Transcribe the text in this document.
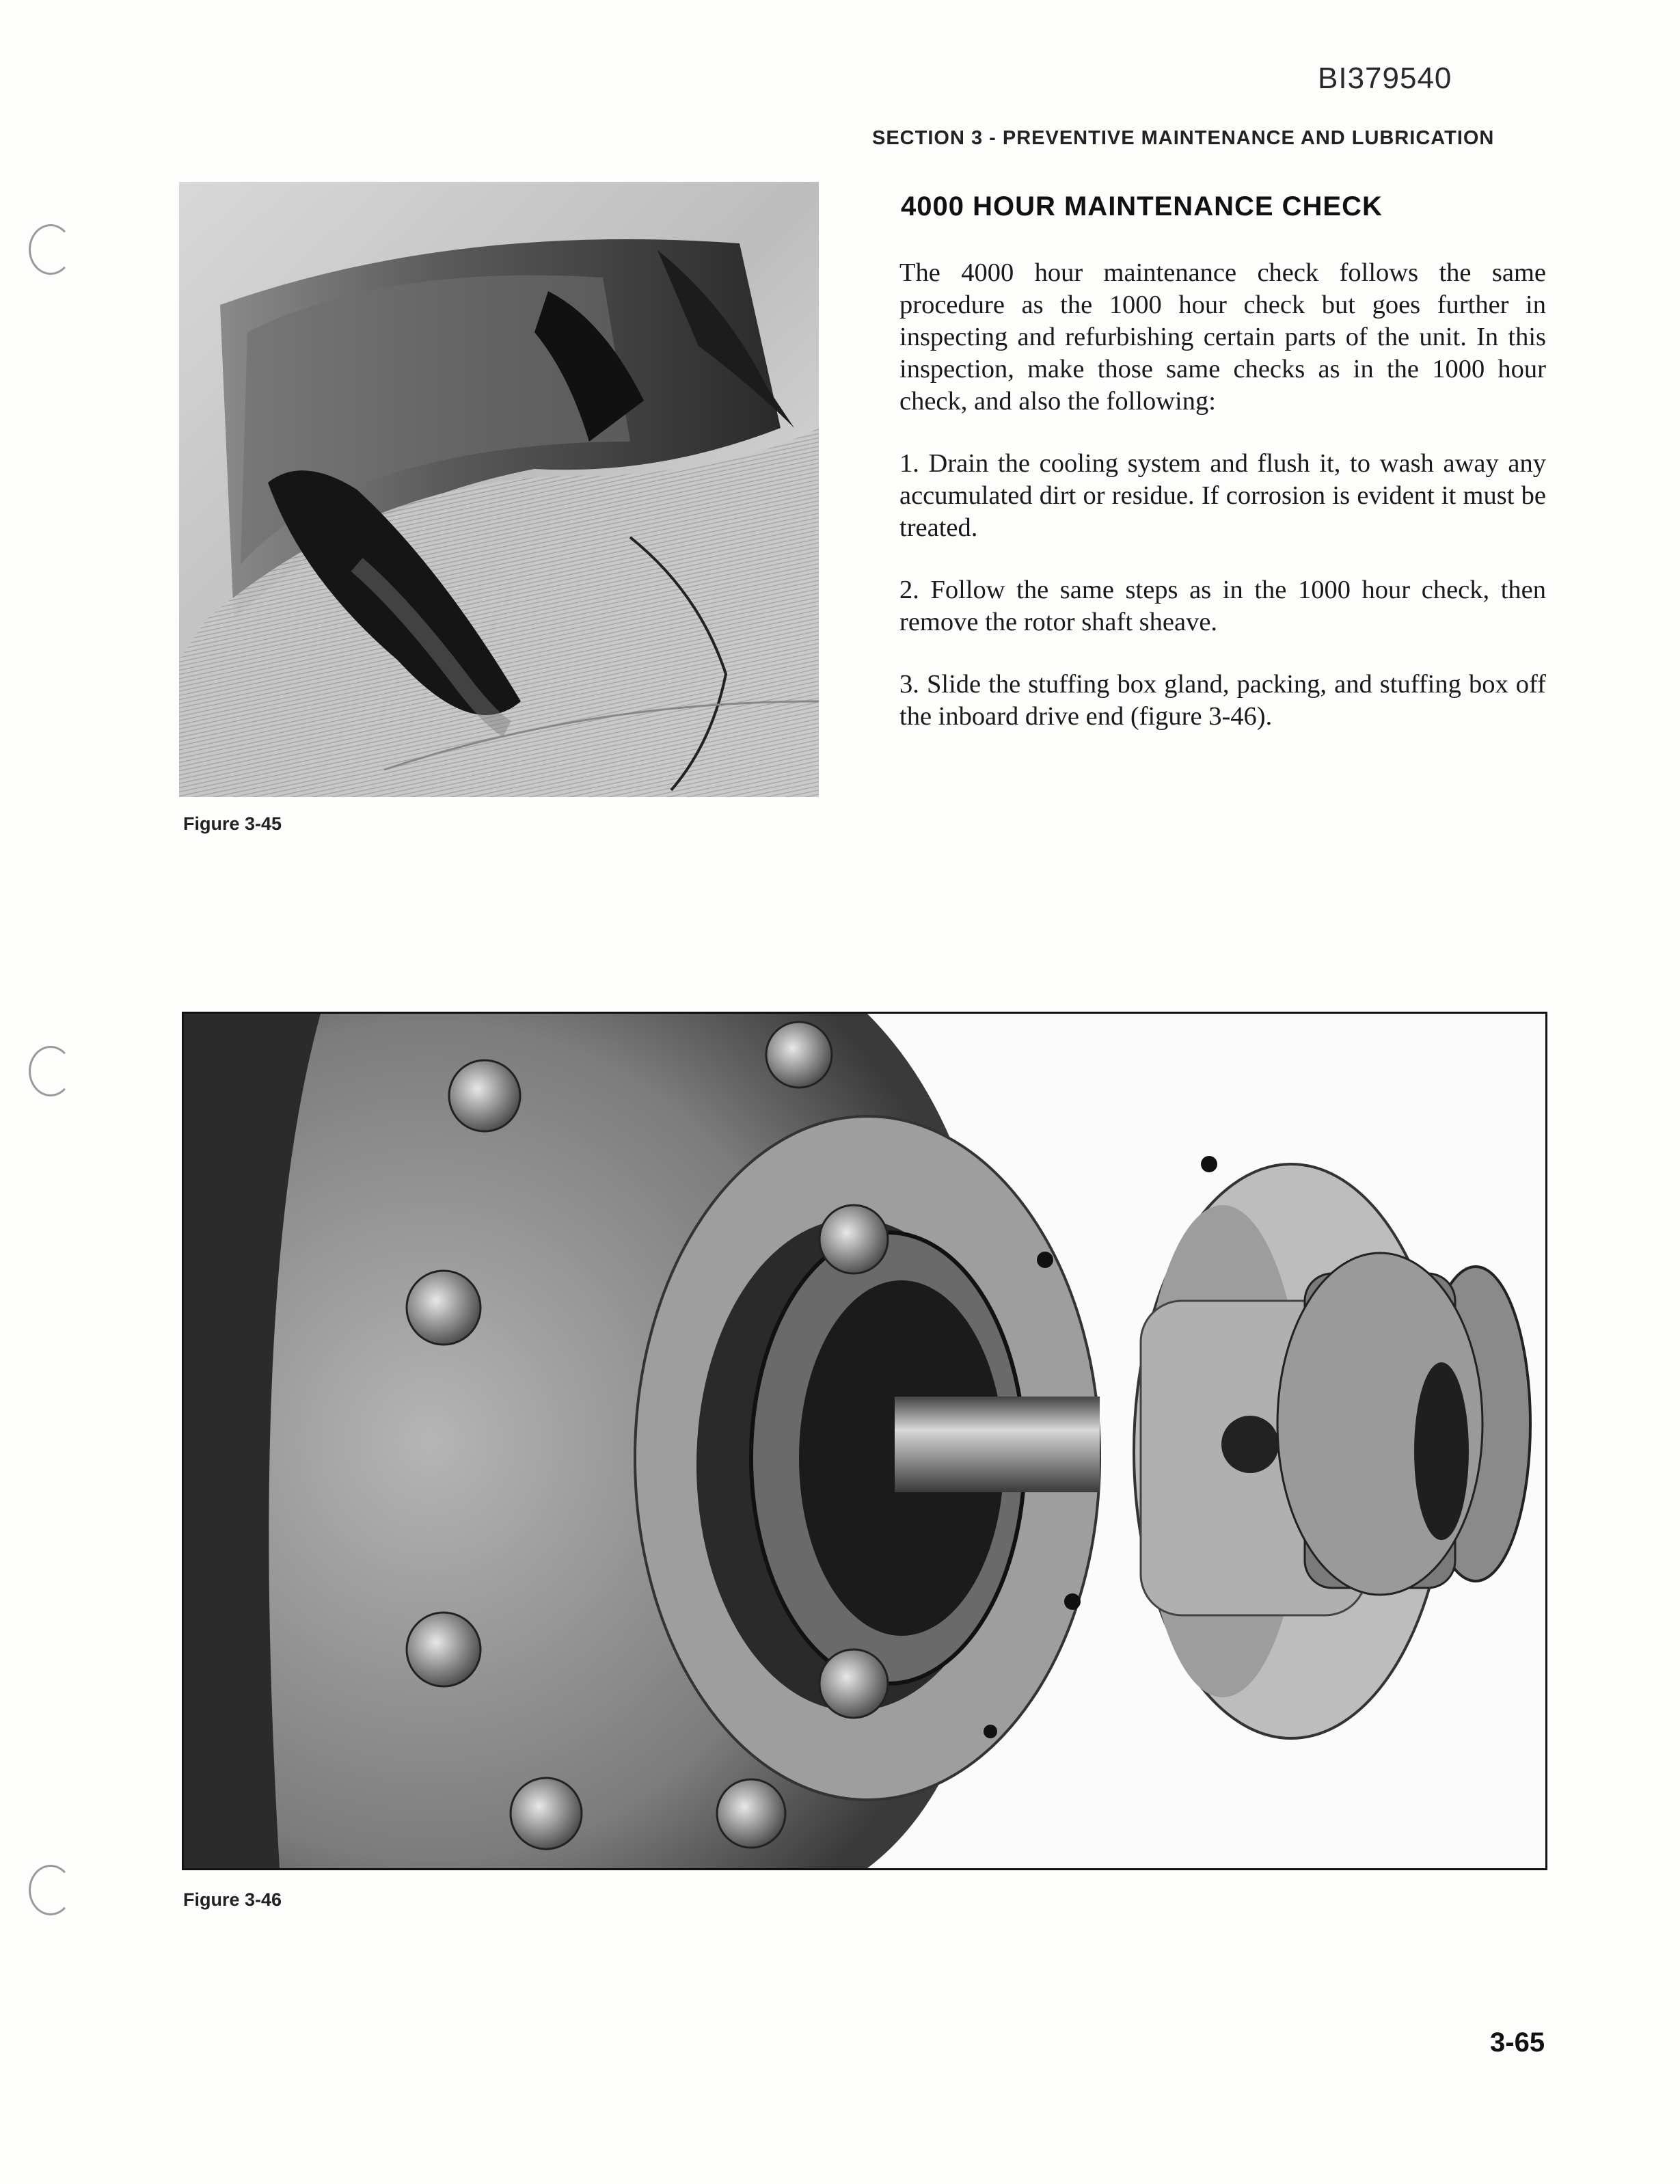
BI379540
SECTION 3 - PREVENTIVE MAINTENANCE AND LUBRICATION
Figure 3-45
4000 HOUR MAINTENANCE CHECK

The 4000 hour maintenance check follows the same procedure as the 1000 hour check but goes further in inspecting and refurbishing certain parts of the unit. In this inspection, make those same checks as in the 1000 hour check, and also the following:

1. Drain the cooling system and flush it, to wash away any accumulated dirt or residue. If corrosion is evident it must be treated.

2. Follow the same steps as in the 1000 hour check, then remove the rotor shaft sheave.

3. Slide the stuffing box gland, packing, and stuffing box off the inboard drive end (figure 3-46).

Figure 3-46
3-65
